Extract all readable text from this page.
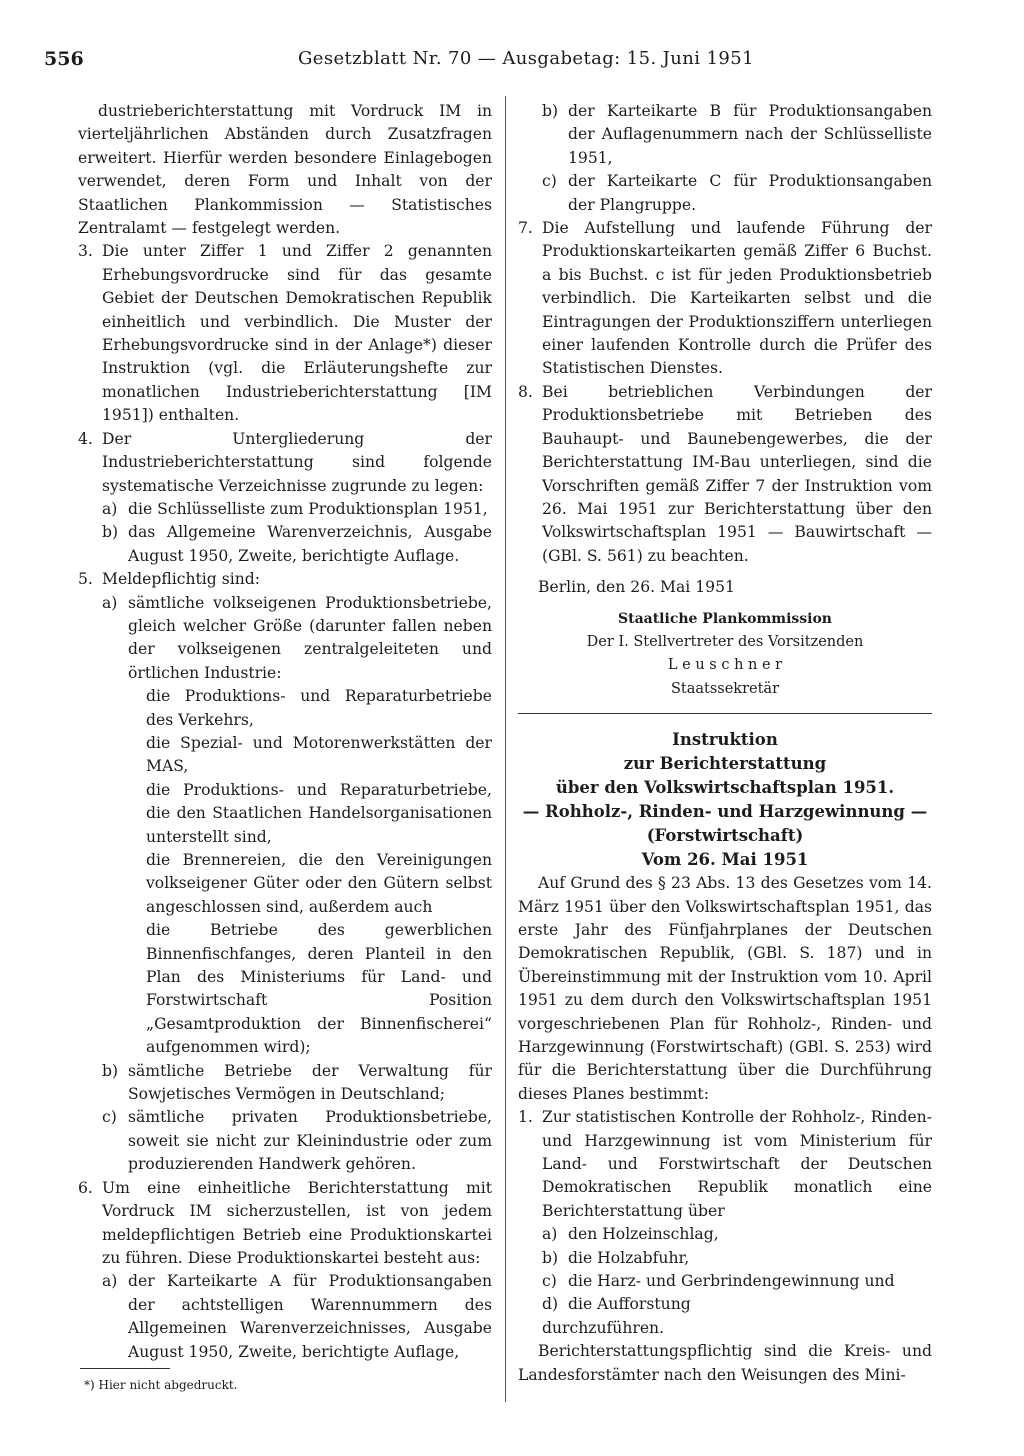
556	Gesetzblatt Nr. 70 — Ausgabetag: 15. Juni 1951

dustrieberichterstattung mit Vordruck IM in vierteljährlichen Abständen durch Zusatzfragen erweitert. Hierfür werden besondere Einlagebogen verwendet, deren Form und Inhalt von der Staatlichen Plankommission — Statistisches Zentralamt — festgelegt werden.

3. Die unter Ziffer 1 und Ziffer 2 genannten Erhebungsvordrucke sind für das gesamte Gebiet der Deutschen Demokratischen Republik einheitlich und verbindlich. Die Muster der Erhebungsvordrucke sind in der Anlage*) dieser Instruktion (vgl. die Erläuterungshefte zur monatlichen Industrieberichterstattung [IM 1951]) enthalten.
4. Der Untergliederung der Industrieberichterstattung sind folgende systematische Verzeichnisse zugrunde zu legen:
a) die Schlüsselliste zum Produktionsplan 1951,
b) das Allgemeine Warenverzeichnis, Ausgabe August 1950, Zweite, berichtigte Auflage.
5. Meldepflichtig sind:
a) sämtliche volkseigenen Produktionsbetriebe, gleich welcher Größe (darunter fallen neben der volkseigenen zentralgeleiteten und örtlichen Industrie:

die Produktions- und Reparaturbetriebe des Verkehrs,

die Spezial- und Motorenwerkstätten der MAS,

die Produktions- und Reparaturbetriebe, die den Staatlichen Handelsorganisationen unterstellt sind,

die Brennereien, die den Vereinigungen volkseigener Güter oder den Gütern selbst angeschlossen sind, außerdem auch

die Betriebe des gewerblichen Binnenfischfanges, deren Planteil in den Plan des Ministeriums für Land- und Forstwirtschaft Position „Gesamtproduktion der Binnenfischerei“ aufgenommen wird);

b) sämtliche Betriebe der Verwaltung für Sowjetisches Vermögen in Deutschland;
c) sämtliche privaten Produktionsbetriebe, soweit sie nicht zur Kleinindustrie oder zum produzierenden Handwerk gehören.
6. Um eine einheitliche Berichterstattung mit Vordruck IM sicherzustellen, ist von jedem meldepflichtigen Betrieb eine Produktionskartei zu führen. Diese Produktionskartei besteht aus:
a) der Karteikarte A für Produktionsangaben der achtstelligen Warennummern des Allgemeinen Warenverzeichnisses, Ausgabe August 1950, Zweite, berichtigte Auflage,
*) Hier nicht abgedruckt.
b) der Karteikarte B für Produktionsangaben der Auflagenummern nach der Schlüsselliste 1951,
c) der Karteikarte C für Produktionsangaben der Plangruppe.
7. Die Aufstellung und laufende Führung der Produktionskarteikarten gemäß Ziffer 6 Buchst. a bis Buchst. c ist für jeden Produktionsbetrieb verbindlich. Die Karteikarten selbst und die Eintragungen der Produktionsziffern unterliegen einer laufenden Kontrolle durch die Prüfer des Statistischen Dienstes.
8. Bei betrieblichen Verbindungen der Produktionsbetriebe mit Betrieben des Bauhaupt- und Baunebengewerbes, die der Berichterstattung IM-Bau unterliegen, sind die Vorschriften gemäß Ziffer 7 der Instruktion vom 26. Mai 1951 zur Berichterstattung über den Volkswirtschaftsplan 1951 — Bauwirtschaft — (GBl. S. 561) zu beachten.

Berlin, den 26. Mai 1951

Staatliche Plankommission

Der I. Stellvertreter des Vorsitzenden

L e u s c h n e r

Staatssekretär

Instruktion

zur Berichterstattung

über den Volkswirtschaftsplan 1951.

— Rohholz-, Rinden- und Harzgewinnung —

(Forstwirtschaft)

Vom 26. Mai 1951

Auf Grund des § 23 Abs. 13 des Gesetzes vom 14. März 1951 über den Volkswirtschaftsplan 1951, das erste Jahr des Fünfjahrplanes der Deutschen Demokratischen Republik, (GBl. S. 187) und in Übereinstimmung mit der Instruktion vom 10. April 1951 zu dem durch den Volkswirtschaftsplan 1951 vorgeschriebenen Plan für Rohholz-, Rinden- und Harzgewinnung (Forstwirtschaft) (GBl. S. 253) wird für die Berichterstattung über die Durchführung dieses Planes bestimmt:

1. Zur statistischen Kontrolle der Rohholz-, Rinden- und Harzgewinnung ist vom Ministerium für Land- und Forstwirtschaft der Deutschen Demokratischen Republik monatlich eine Berichterstattung über
a) den Holzeinschlag,
b) die Holzabfuhr,
c) die Harz- und Gerbrindengewinnung und
d) die Aufforstung

durchzuführen.

Berichterstattungspflichtig sind die Kreis- und Landesforstämter nach den Weisungen des Mini-
